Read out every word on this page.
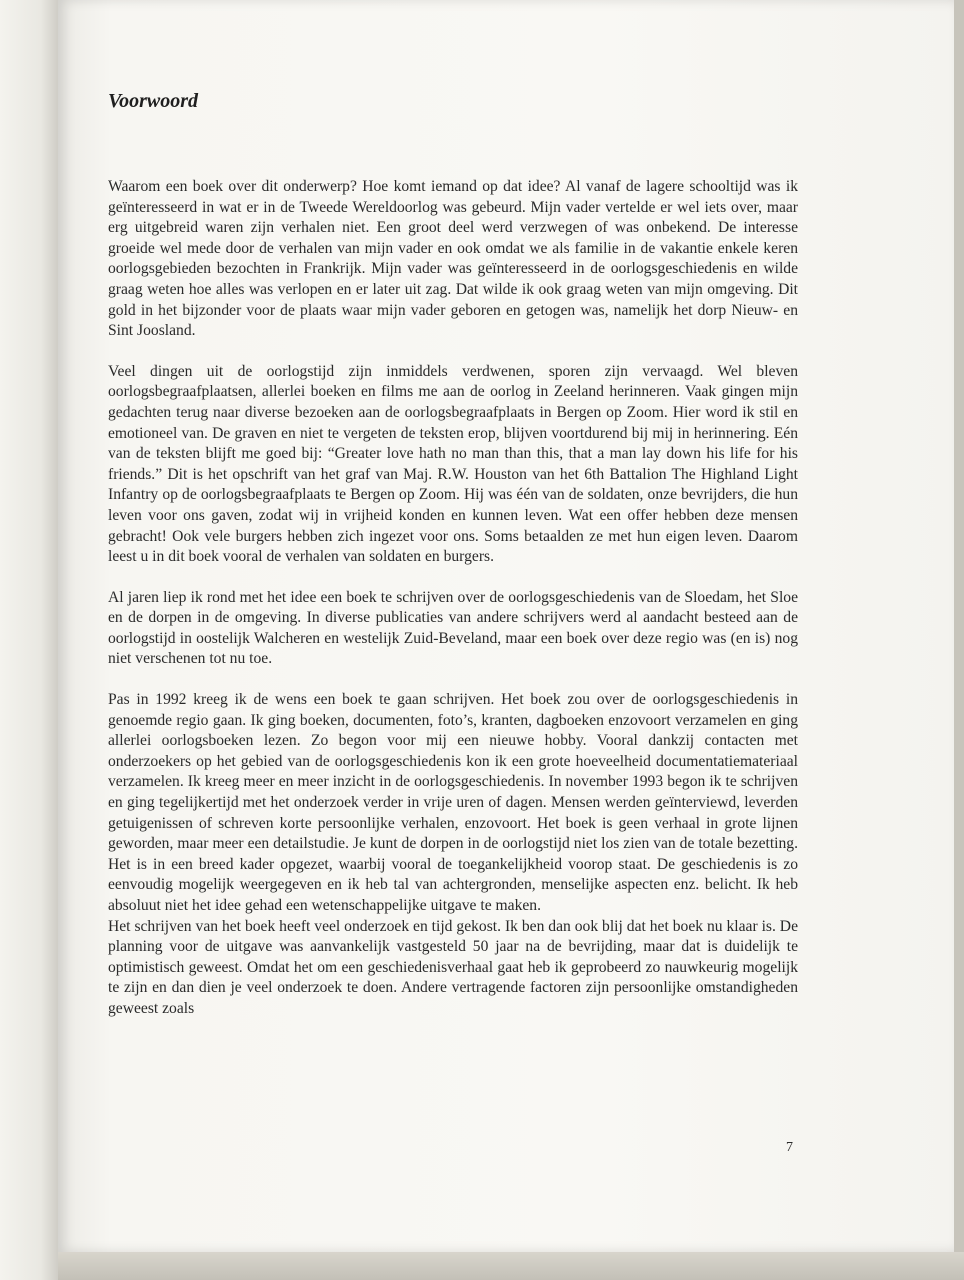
Voorwoord

Waarom een boek over dit onderwerp? Hoe komt iemand op dat idee? Al vanaf de lagere schooltijd was ik geïnteresseerd in wat er in de Tweede Wereldoorlog was gebeurd. Mijn vader vertelde er wel iets over, maar erg uitgebreid waren zijn verhalen niet. Een groot deel werd verzwegen of was onbekend. De interesse groeide wel mede door de verhalen van mijn vader en ook omdat we als familie in de vakantie enkele keren oorlogsgebieden bezochten in Frankrijk. Mijn vader was geïnteresseerd in de oorlogsgeschiedenis en wilde graag weten hoe alles was verlopen en er later uit zag. Dat wilde ik ook graag weten van mijn omgeving. Dit gold in het bijzonder voor de plaats waar mijn vader geboren en getogen was, namelijk het dorp Nieuw- en Sint Joosland.

Veel dingen uit de oorlogstijd zijn inmiddels verdwenen, sporen zijn vervaagd. Wel bleven oorlogsbegraafplaatsen, allerlei boeken en films me aan de oorlog in Zeeland herinneren. Vaak gingen mijn gedachten terug naar diverse bezoeken aan de oorlogsbegraafplaats in Bergen op Zoom. Hier word ik stil en emotioneel van. De graven en niet te vergeten de teksten erop, blijven voortdurend bij mij in herinnering. Eén van de teksten blijft me goed bij: “Greater love hath no man than this, that a man lay down his life for his friends.” Dit is het opschrift van het graf van Maj. R.W. Houston van het 6th Battalion The Highland Light Infantry op de oorlogsbegraafplaats te Bergen op Zoom. Hij was één van de soldaten, onze bevrijders, die hun leven voor ons gaven, zodat wij in vrijheid konden en kunnen leven. Wat een offer hebben deze mensen gebracht! Ook vele burgers hebben zich ingezet voor ons. Soms betaalden ze met hun eigen leven. Daarom leest u in dit boek vooral de verhalen van soldaten en burgers.

Al jaren liep ik rond met het idee een boek te schrijven over de oorlogsgeschiedenis van de Sloedam, het Sloe en de dorpen in de omgeving. In diverse publicaties van andere schrijvers werd al aandacht besteed aan de oorlogstijd in oostelijk Walcheren en westelijk Zuid-Beveland, maar een boek over deze regio was (en is) nog niet verschenen tot nu toe.

Pas in 1992 kreeg ik de wens een boek te gaan schrijven. Het boek zou over de oorlogsgeschiedenis in genoemde regio gaan. Ik ging boeken, documenten, foto’s, kranten, dagboeken enzovoort verzamelen en ging allerlei oorlogsboeken lezen. Zo begon voor mij een nieuwe hobby. Vooral dankzij contacten met onderzoekers op het gebied van de oorlogsgeschiedenis kon ik een grote hoeveelheid documentatiemateriaal verzamelen. Ik kreeg meer en meer inzicht in de oorlogsgeschiedenis. In november 1993 begon ik te schrijven en ging tegelijkertijd met het onderzoek verder in vrije uren of dagen. Mensen werden geïnterviewd, leverden getuigenissen of schreven korte persoonlijke verhalen, enzovoort. Het boek is geen verhaal in grote lijnen geworden, maar meer een detailstudie. Je kunt de dorpen in de oorlogstijd niet los zien van de totale bezetting. Het is in een breed kader opgezet, waarbij vooral de toegankelijkheid voorop staat. De geschiedenis is zo eenvoudig mogelijk weergegeven en ik heb tal van achtergronden, menselijke aspecten enz. belicht. Ik heb absoluut niet het idee gehad een wetenschappelijke uitgave te maken.

Het schrijven van het boek heeft veel onderzoek en tijd gekost. Ik ben dan ook blij dat het boek nu klaar is. De planning voor de uitgave was aanvankelijk vastgesteld 50 jaar na de bevrijding, maar dat is duidelijk te optimistisch geweest. Omdat het om een geschiedenisverhaal gaat heb ik geprobeerd zo nauwkeurig mogelijk te zijn en dan dien je veel onderzoek te doen. Andere vertragende factoren zijn persoonlijke omstandigheden geweest zoals

7
